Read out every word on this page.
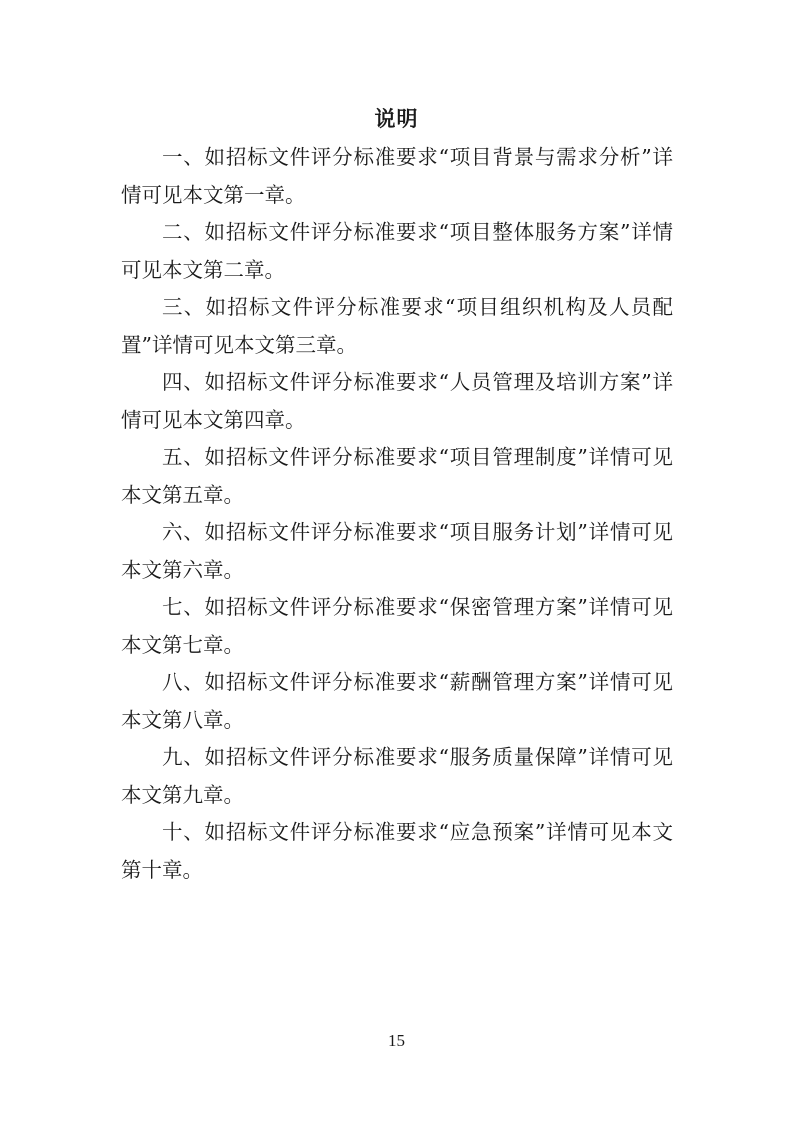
说明

一、如招标文件评分标准要求“项目背景与需求分析”详情可见本文第一章。

二、如招标文件评分标准要求“项目整体服务方案”详情可见本文第二章。

三、如招标文件评分标准要求“项目组织机构及人员配置”详情可见本文第三章。

四、如招标文件评分标准要求“人员管理及培训方案”详情可见本文第四章。

五、如招标文件评分标准要求“项目管理制度”详情可见本文第五章。

六、如招标文件评分标准要求“项目服务计划”详情可见本文第六章。

七、如招标文件评分标准要求“保密管理方案”详情可见本文第七章。

八、如招标文件评分标准要求“薪酬管理方案”详情可见本文第八章。

九、如招标文件评分标准要求“服务质量保障”详情可见本文第九章。

十、如招标文件评分标准要求“应急预案”详情可见本文第十章。

15
